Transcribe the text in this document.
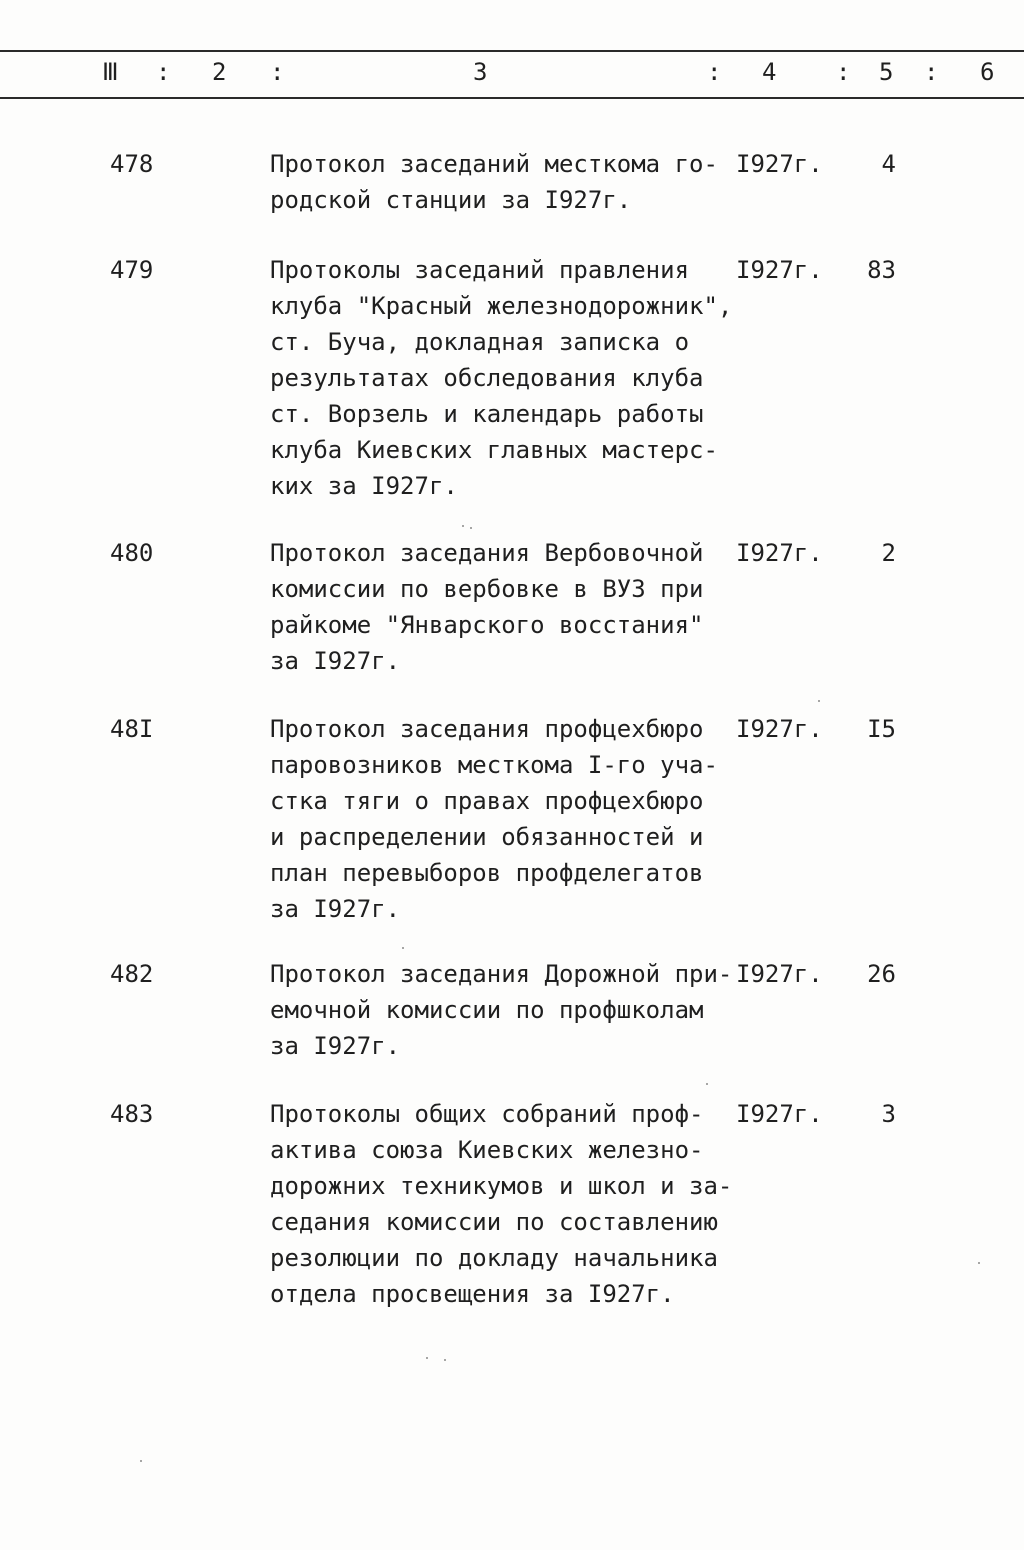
Ⅲ : 2 :	3	: 4 : 5 : 6
478	Протокол заседаний месткома го-
родской станции за I927г.
I927г.	4
479	Протоколы заседаний правления
клуба "Красный железнодорожник",
ст. Буча, докладная записка о
результатах обследования клуба
ст. Ворзель и календарь работы
клуба Киевских главных мастерс-
ких за I927г.
I927г.	83
480	Протокол заседания Вербовочной
комиссии по вербовке в ВУЗ при
райкоме "Январского восстания"
за I927г.
I927г.	2
48I	Протокол заседания профцехбюро
паровозников месткома I-го уча-
стка тяги о правах профцехбюро
и распределении обязанностей и
план перевыборов профделегатов
за I927г.
I927г.	I5
482	Протокол заседания Дорожной при-
емочной комиссии по профшколам
за I927г.
I927г.	26
483	Протоколы общих собраний проф-
актива союза Киевских железно-
дорожних техникумов и школ и за-
седания комиссии по составлению
резолюции по докладу начальника
отдела просвещения за I927г.
I927г.	3
